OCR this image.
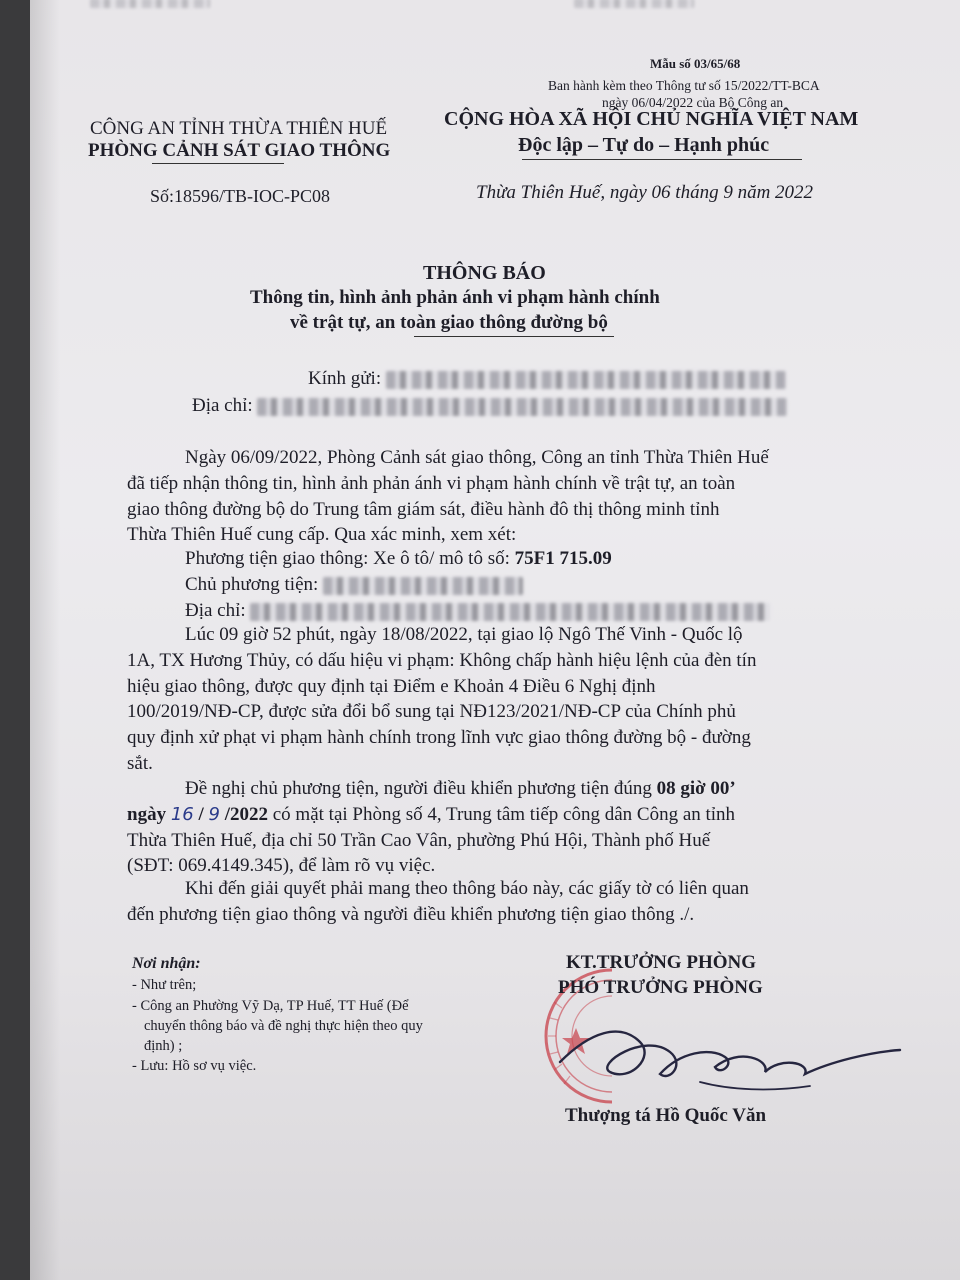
Mẫu số 03/65/68
Ban hành kèm theo Thông tư số 15/2022/TT-BCA
ngày 06/04/2022 của Bộ Công an
CÔNG AN TỈNH THỪA THIÊN HUẾ
PHÒNG CẢNH SÁT GIAO THÔNG
CỘNG HÒA XÃ HỘI CHỦ NGHĨA VIỆT NAM
Độc lập – Tự do – Hạnh phúc
Số:18596/TB-IOC-PC08	Thừa Thiên Huế, ngày 06 tháng 9 năm 2022
THÔNG BÁO
Thông tin, hình ảnh phản ánh vi phạm hành chính
về trật tự, an toàn giao thông đường bộ
Kính gửi:
Địa chỉ:
Ngày 06/09/2022, Phòng Cảnh sát giao thông, Công an tỉnh Thừa Thiên Huế
đã tiếp nhận thông tin, hình ảnh phản ánh vi phạm hành chính về trật tự, an toàn
giao thông đường bộ do Trung tâm giám sát, điều hành đô thị thông minh tỉnh
Thừa Thiên Huế cung cấp. Qua xác minh, xem xét:
Phương tiện giao thông: Xe ô tô/ mô tô số: 75F1 715.09
Chủ phương tiện:
Địa chỉ:
Lúc 09 giờ 52 phút, ngày 18/08/2022, tại giao lộ Ngô Thế Vinh - Quốc lộ
1A, TX Hương Thủy, có dấu hiệu vi phạm: Không chấp hành hiệu lệnh của đèn tín
hiệu giao thông, được quy định tại Điểm e Khoản 4 Điều 6 Nghị định
100/2019/NĐ-CP, được sửa đổi bổ sung tại NĐ123/2021/NĐ-CP của Chính phủ
quy định xử phạt vi phạm hành chính trong lĩnh vực giao thông đường bộ - đường
sắt.
Đề nghị chủ phương tiện, người điều khiển phương tiện đúng 08 giờ 00’
ngày 16 / 9 /2022 có mặt tại Phòng số 4, Trung tâm tiếp công dân Công an tỉnh
Thừa Thiên Huế, địa chỉ 50 Trần Cao Vân, phường Phú Hội, Thành phố Huế
(SĐT: 069.4149.345), để làm rõ vụ việc.
Khi đến giải quyết phải mang theo thông báo này, các giấy tờ có liên quan
đến phương tiện giao thông và người điều khiển phương tiện giao thông ./.
Nơi nhận:
- Như trên;
- Công an Phường Vỹ Dạ, TP Huế, TT Huế (Để
chuyển thông báo và đề nghị thực hiện theo quy
định) ;
- Lưu: Hồ sơ vụ việc.
KT.TRƯỞNG PHÒNG
PHÓ TRƯỞNG PHÒNG
Thượng tá Hồ Quốc Văn
